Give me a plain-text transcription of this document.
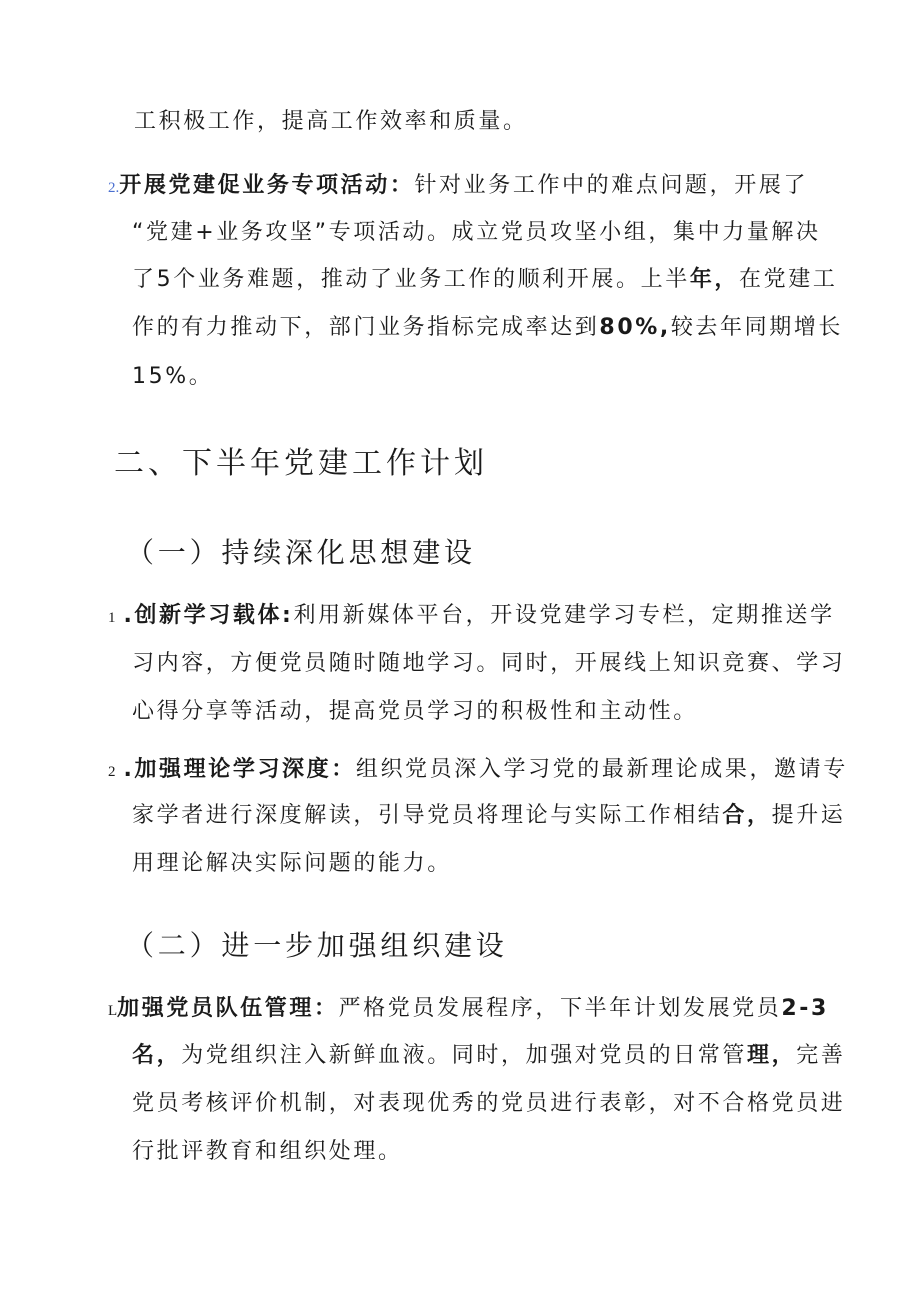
工积极工作，提高工作效率和质量。
2.开展党建促业务专项活动：针对业务工作中的难点问题，开展了
“党建+业务攻坚”专项活动。成立党员攻坚小组，集中力量解决
了5个业务难题，推动了业务工作的顺利开展。上半年，在党建工
作的有力推动下，部门业务指标完成率达到80%,较去年同期增长
15%。
二、下半年党建工作计划
（一）持续深化思想建设
1 .创新学习载体:利用新媒体平台，开设党建学习专栏，定期推送学
习内容，方便党员随时随地学习。同时，开展线上知识竞赛、学习
心得分享等活动，提高党员学习的积极性和主动性。
2 .加强理论学习深度：组织党员深入学习党的最新理论成果，邀请专
家学者进行深度解读，引导党员将理论与实际工作相结合，提升运
用理论解决实际问题的能力。
（二）进一步加强组织建设
L加强党员队伍管理：严格党员发展程序，下半年计划发展党员2-3
名，为党组织注入新鲜血液。同时，加强对党员的日常管理，完善
党员考核评价机制，对表现优秀的党员进行表彰，对不合格党员进
行批评教育和组织处理。
